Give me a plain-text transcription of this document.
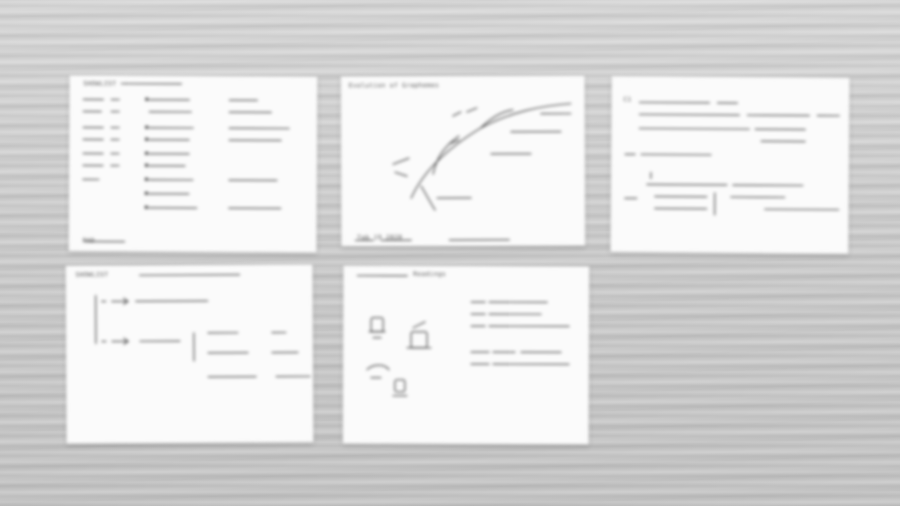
SHOWLIST
PAD
Evolution of Graphemes
Tab 19 2020
C1
SHOWLIST	Readings
